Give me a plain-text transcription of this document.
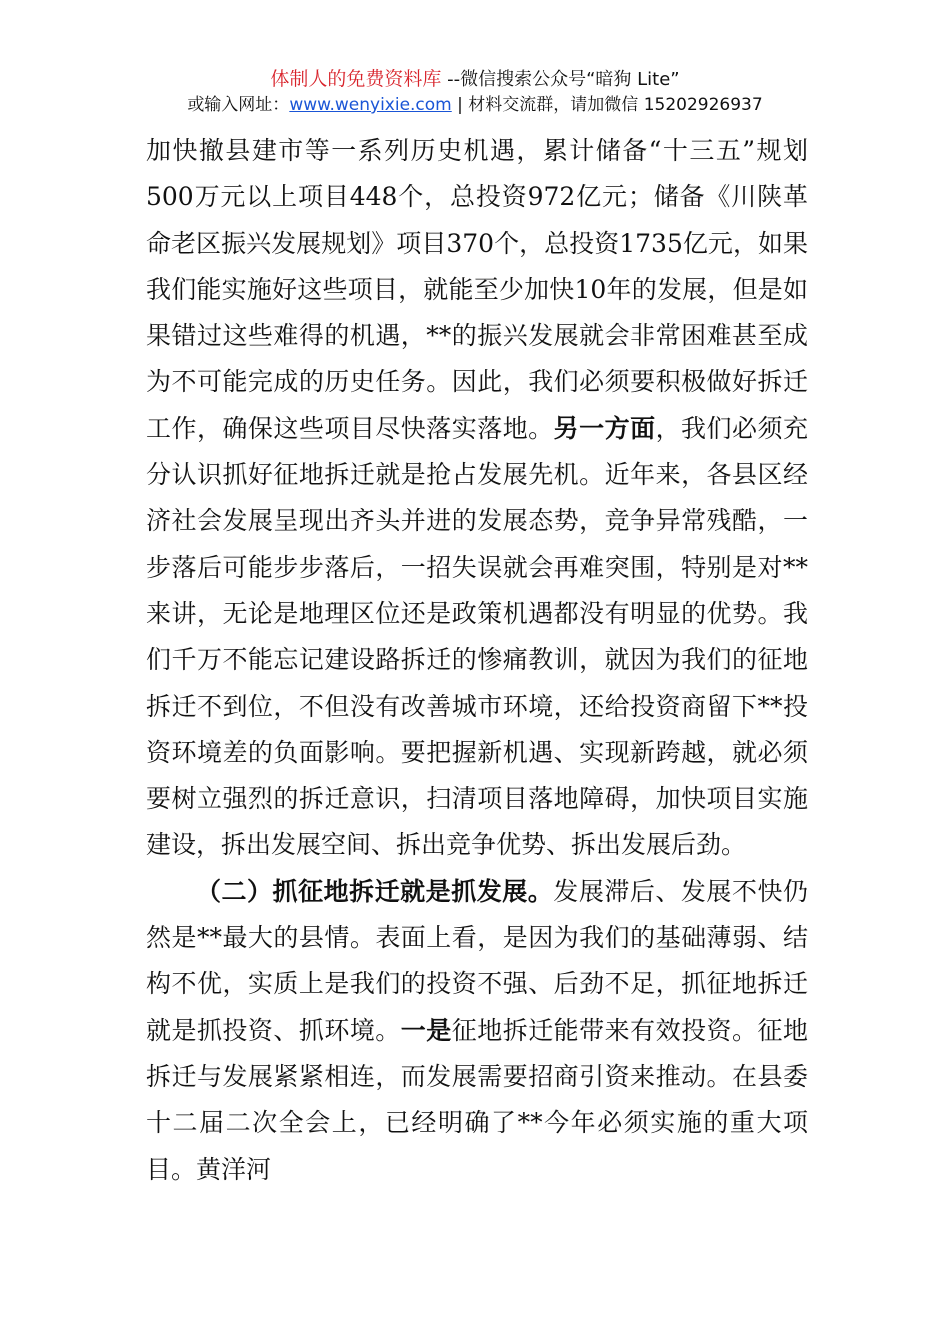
体制人的免费资料库 --微信搜索公众号“暗狗 Lite”
或输入网址：www.wenyixie.com | 材料交流群，请加微信 15202926937

加快撤县建市等一系列历史机遇，累计储备“十三五”规划500万元以上项目448个，总投资972亿元；储备《川陕革命老区振兴发展规划》项目370个，总投资1735亿元，如果我们能实施好这些项目，就能至少加快10年的发展，但是如果错过这些难得的机遇，**的振兴发展就会非常困难甚至成为不可能完成的历史任务。因此，我们必须要积极做好拆迁工作，确保这些项目尽快落实落地。另一方面，我们必须充分认识抓好征地拆迁就是抢占发展先机。近年来，各县区经济社会发展呈现出齐头并进的发展态势，竞争异常残酷，一步落后可能步步落后，一招失误就会再难突围，特别是对**来讲，无论是地理区位还是政策机遇都没有明显的优势。我们千万不能忘记建设路拆迁的惨痛教训，就因为我们的征地拆迁不到位，不但没有改善城市环境，还给投资商留下**投资环境差的负面影响。要把握新机遇、实现新跨越，就必须要树立强烈的拆迁意识，扫清项目落地障碍，加快项目实施建设，拆出发展空间、拆出竞争优势、拆出发展后劲。

（二）抓征地拆迁就是抓发展。发展滞后、发展不快仍然是**最大的县情。表面上看，是因为我们的基础薄弱、结构不优，实质上是我们的投资不强、后劲不足，抓征地拆迁就是抓投资、抓环境。一是征地拆迁能带来有效投资。征地拆迁与发展紧紧相连，而发展需要招商引资来推动。在县委十二届二次全会上，已经明确了**今年必须实施的重大项目。黄洋河
